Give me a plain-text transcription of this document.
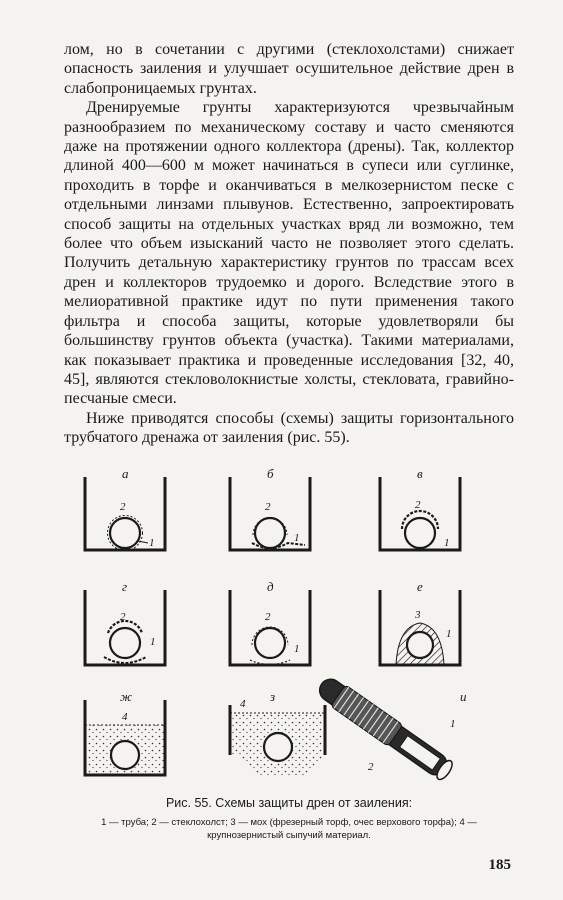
лом, но в сочетании с другими (стеклохолстами) снижает опасность заиления и улучшает осушительное действие дрен в слабопроницаемых грунтах.

Дренируемые грунты характеризуются чрезвычайным разнообразием по механическому составу и часто сменяются даже на протяжении одного коллектора (дрены). Так, коллектор длиной 400—600 м может начинаться в супеси или суглинке, проходить в торфе и оканчиваться в мелкозернистом песке с отдельными линзами плывунов. Естественно, запроектировать способ защиты на отдельных участках вряд ли возможно, тем более что объем изысканий часто не позволяет этого сделать. Получить детальную характеристику грунтов по трассам всех дрен и коллекторов трудоемко и дорого. Вследствие этого в мелиоративной практике идут по пути применения такого фильтра и способа защиты, которые удовлетворяли бы большинству грунтов объекта (участка). Такими материалами, как показывает практика и проведенные исследования [32, 40, 45], являются стекловолокнистые холсты, стекловата, гравийно-песчаные смеси.

Ниже приводятся способы (схемы) защиты горизонтального трубчатого дренажа от заиления (рис. 55).

а
2
1
б
2
1
в
2
1
г
2
1
д
2
1
е
3
1
ж
4
з
4	и
2
1
Рис. 55. Схемы защиты дрен от заиления:
1 — труба; 2 — стеклохолст; 3 — мох (фрезерный торф, очес верхового торфа); 4 — крупнозернистый сыпучий материал.
185
